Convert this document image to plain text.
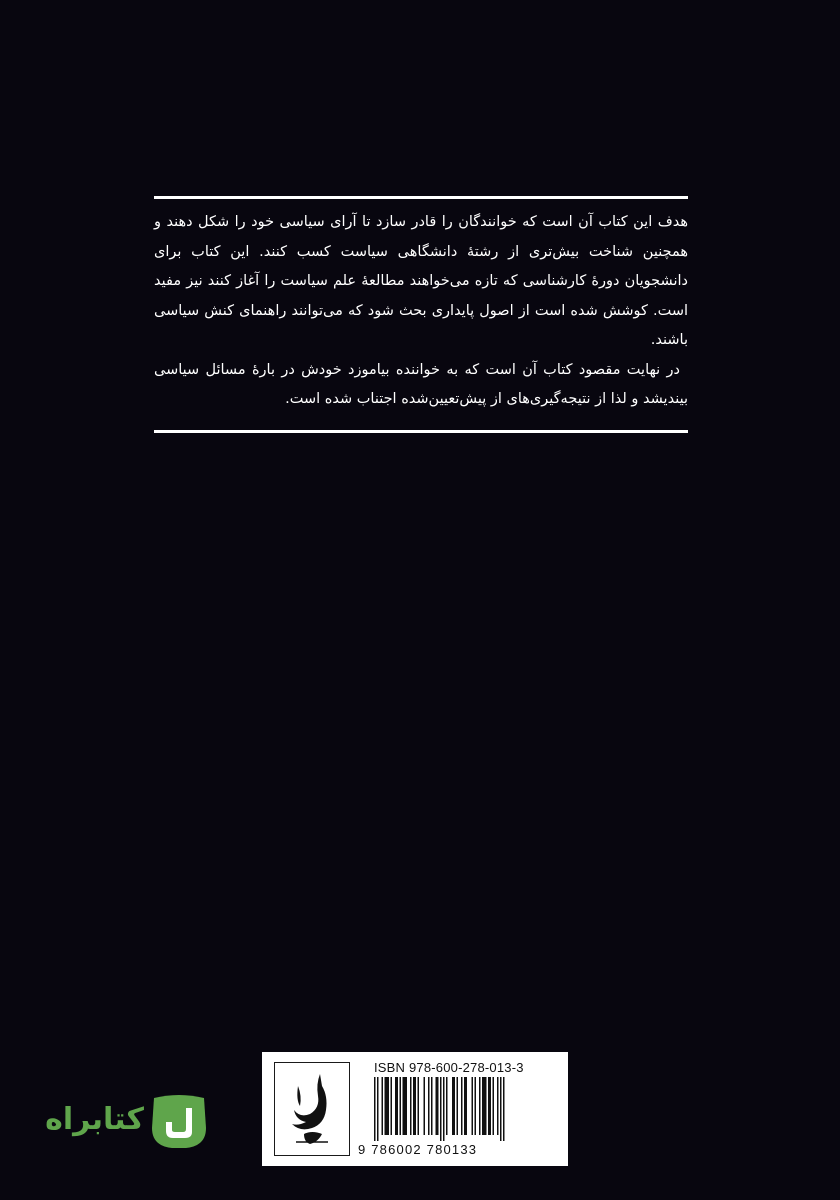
هدف این کتاب آن است که خوانندگان را قادر سازد تا آرای سیاسی خود را شکل دهند و همچنین شناخت بیش‌تری از رشتهٔ دانشگاهی سیاست کسب کنند. این کتاب برای دانشجویان دورهٔ کارشناسی که تازه می‌خواهند مطالعهٔ علم سیاست را آغاز کنند نیز مفید است. کوشش شده است از اصول پایداری بحث شود که می‌توانند راهنمای کنش سیاسی باشند.

در نهایت مقصود کتاب آن است که به خواننده بیاموزد خودش در بارهٔ مسائل سیاسی بیندیشد و لذا از نتیجه‌گیری‌های از پیش‌تعیین‌شده اجتناب شده است.

کتابراه
ISBN 978-600-278-013-3
9 786002 780133
